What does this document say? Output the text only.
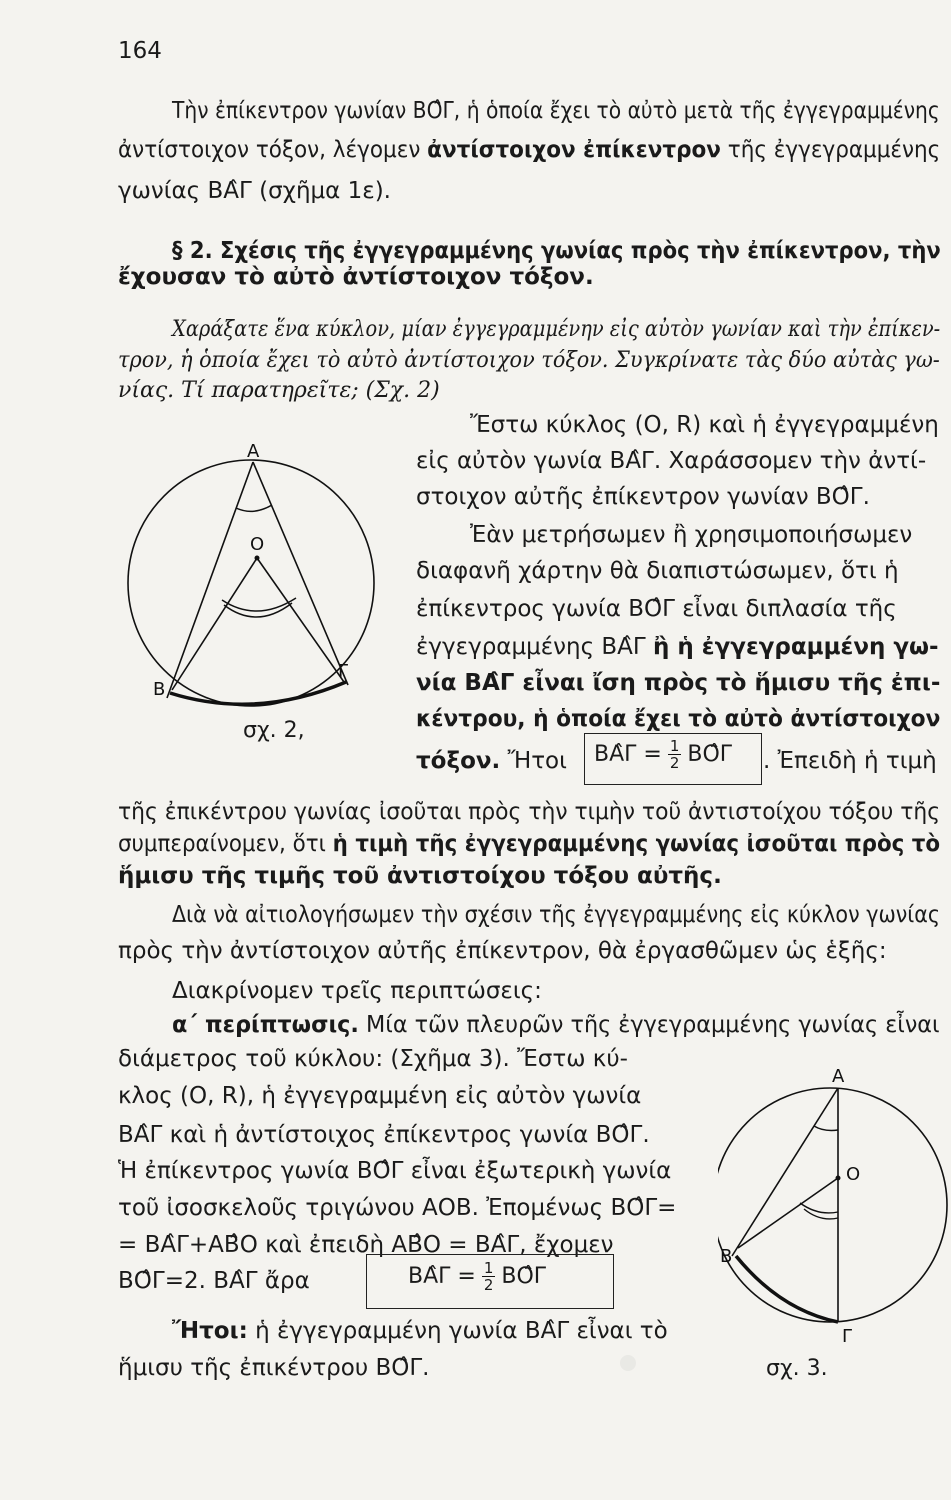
164
Τὴν ἐπίκεντρον γωνίαν ΒΟ̂Γ, ἡ ὁποία ἔχει τὸ αὐτὸ μετὰ τῆς ἐγγεγραμμένης
ἀντίστοιχον τόξον, λέγομεν ἀντίστοιχον ἐπίκεντρον τῆς ἐγγεγραμμένης
γωνίας ΒΑ̂Γ (σχῆμα 1ε).
§ 2. Σχέσις τῆς ἐγγεγραμμένης γωνίας πρὸς τὴν ἐπίκεντρον, τὴν
ἔχουσαν τὸ αὐτὸ ἀντίστοιχον τόξον.
Χαράξατε ἕνα κύκλον, μίαν ἐγγεγραμμένην εἰς αὐτὸν γωνίαν καὶ τὴν ἐπίκεν-
τρον, ἡ ὁποία ἔχει τὸ αὐτὸ ἀντίστοιχον τόξον. Συγκρίνατε τὰς δύο αὐτὰς γω-
νίας. Τί παρατηρεῖτε; (Σχ. 2)
Α
Ο
Β
Γ
σχ. 2,
Ἔστω κύκλος (Ο, R) καὶ ἡ ἐγγεγραμμένη
εἰς αὐτὸν γωνία ΒΑ̂Γ. Χαράσσομεν τὴν ἀντί-
στοιχον αὐτῆς ἐπίκεντρον γωνίαν ΒΟ̂Γ.
Ἐὰν μετρήσωμεν ἢ χρησιμοποιήσωμεν
διαφανῆ χάρτην θὰ διαπιστώσωμεν, ὅτι ἡ
ἐπίκεντρος γωνία ΒΟ̂Γ εἶναι διπλασία τῆς
ἐγγεγραμμένης ΒΑ̂Γ ἢ ἡ ἐγγεγραμμένη γω-
νία ΒΑ̂Γ εἶναι ἴση πρὸς τὸ ἥμισυ τῆς ἐπι-
κέντρου, ἡ ὁποία ἔχει τὸ αὐτὸ ἀντίστοιχον
τόξον. Ἤτοι ΒΑ̂Γ = $\frac{1}{2}$ ΒΟ̂Γ . Ἐπειδὴ ἡ τιμὴ
τῆς ἐπικέντρου γωνίας ἰσοῦται πρὸς τὴν τιμὴν τοῦ ἀντιστοίχου τόξου τῆς
συμπεραίνομεν, ὅτι ἡ τιμὴ τῆς ἐγγεγραμμένης γωνίας ἰσοῦται πρὸς τὸ
ἥμισυ τῆς τιμῆς τοῦ ἀντιστοίχου τόξου αὐτῆς.
Διὰ νὰ αἰτιολογήσωμεν τὴν σχέσιν τῆς ἐγγεγραμμένης εἰς κύκλον γωνίας
πρὸς τὴν ἀντίστοιχον αὐτῆς ἐπίκεντρον, θὰ ἐργασθῶμεν ὡς ἑξῆς:
Διακρίνομεν τρεῖς περιπτώσεις:
α΄ περίπτωσις. Μία τῶν πλευρῶν τῆς ἐγγεγραμμένης γωνίας εἶναι
διάμετρος τοῦ κύκλου: (Σχῆμα 3). Ἔστω κύ-
κλος (Ο, R), ἡ ἐγγεγραμμένη εἰς αὐτὸν γωνία
ΒΑ̂Γ καὶ ἡ ἀντίστοιχος ἐπίκεντρος γωνία ΒΟ̂Γ.
Ἡ ἐπίκεντρος γωνία ΒΟ̂Γ εἶναι ἐξωτερικὴ γωνία
τοῦ ἰσοσκελοῦς τριγώνου ΑΟΒ. Ἐπομένως ΒΟ̂Γ=
= ΒΑ̂Γ+ΑΒ̂Ο καὶ ἐπειδὴ ΑΒ̂Ο = ΒΑ̂Γ, ἔχομεν
ΒΟ̂Γ=2. ΒΑ̂Γ ἄρα	ΒΑ̂Γ = $\frac{1}{2}$ ΒΟ̂Γ
Ἤτοι: ἡ ἐγγεγραμμένη γωνία ΒΑ̂Γ εἶναι τὸ
ἥμισυ τῆς ἐπικέντρου ΒΟ̂Γ.
Α
Ο
Β
Γ
σχ. 3.
